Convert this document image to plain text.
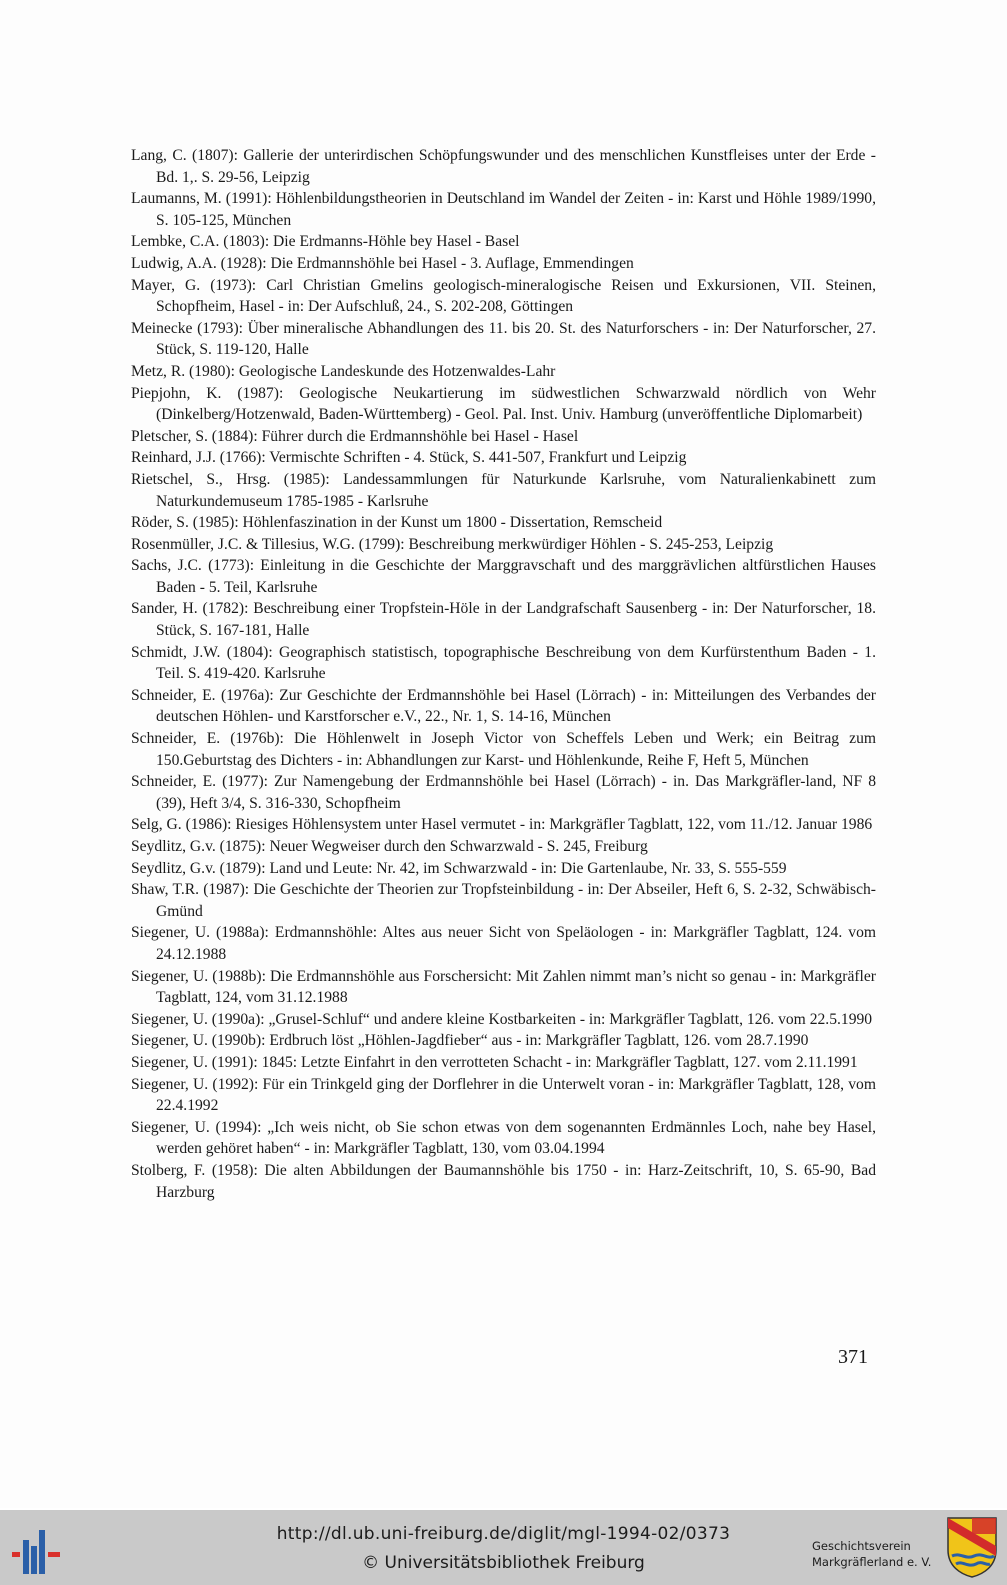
Lang, C. (1807): Gallerie der unterirdischen Schöpfungswunder und des menschlichen Kunstfleises unter der Erde - Bd. 1,. S. 29-56, Leipzig
Laumanns, M. (1991): Höhlenbildungstheorien in Deutschland im Wandel der Zeiten - in: Karst und Höhle 1989/1990, S. 105-125, München
Lembke, C.A. (1803): Die Erdmanns-Höhle bey Hasel - Basel
Ludwig, A.A. (1928): Die Erdmannshöhle bei Hasel - 3. Auflage, Emmendingen
Mayer, G. (1973): Carl Christian Gmelins geologisch-mineralogische Reisen und Exkursionen, VII. Steinen, Schopfheim, Hasel - in: Der Aufschluß, 24., S. 202-208, Göttingen
Meinecke (1793): Über mineralische Abhandlungen des 11. bis 20. St. des Naturforschers - in: Der Naturforscher, 27. Stück, S. 119-120, Halle
Metz, R. (1980): Geologische Landeskunde des Hotzenwaldes-Lahr
Piepjohn, K. (1987): Geologische Neukartierung im südwestlichen Schwarzwald nördlich von Wehr (Dinkelberg/Hotzenwald, Baden-Württemberg) - Geol. Pal. Inst. Univ. Hamburg (unveröffentliche Diplomarbeit)
Pletscher, S. (1884): Führer durch die Erdmannshöhle bei Hasel - Hasel
Reinhard, J.J. (1766): Vermischte Schriften - 4. Stück, S. 441-507, Frankfurt und Leipzig
Rietschel, S., Hrsg. (1985): Landessammlungen für Naturkunde Karlsruhe, vom Naturalienkabinett zum Naturkundemuseum 1785-1985 - Karlsruhe
Röder, S. (1985): Höhlenfaszination in der Kunst um 1800 - Dissertation, Remscheid
Rosenmüller, J.C. & Tillesius, W.G. (1799): Beschreibung merkwürdiger Höhlen - S. 245-253, Leipzig
Sachs, J.C. (1773): Einleitung in die Geschichte der Marggravschaft und des marggrävlichen altfürstlichen Hauses Baden - 5. Teil, Karlsruhe
Sander, H. (1782): Beschreibung einer Tropfstein-Höle in der Landgrafschaft Sausenberg - in: Der Naturforscher, 18. Stück, S. 167-181, Halle
Schmidt, J.W. (1804): Geographisch statistisch, topographische Beschreibung von dem Kurfürstenthum Baden - 1. Teil. S. 419-420. Karlsruhe
Schneider, E. (1976a): Zur Geschichte der Erdmannshöhle bei Hasel (Lörrach) - in: Mitteilungen des Verbandes der deutschen Höhlen- und Karstforscher e.V., 22., Nr. 1, S. 14-16, München
Schneider, E. (1976b): Die Höhlenwelt in Joseph Victor von Scheffels Leben und Werk; ein Beitrag zum 150.Geburtstag des Dichters - in: Abhandlungen zur Karst- und Höhlenkunde, Reihe F, Heft 5, München
Schneider, E. (1977): Zur Namengebung der Erdmannshöhle bei Hasel (Lörrach) - in. Das Markgräfler-land, NF 8 (39), Heft 3/4, S. 316-330, Schopfheim
Selg, G. (1986): Riesiges Höhlensystem unter Hasel vermutet - in: Markgräfler Tagblatt, 122, vom 11./12. Januar 1986
Seydlitz, G.v. (1875): Neuer Wegweiser durch den Schwarzwald - S. 245, Freiburg
Seydlitz, G.v. (1879): Land und Leute: Nr. 42, im Schwarzwald - in: Die Gartenlaube, Nr. 33, S. 555-559
Shaw, T.R. (1987): Die Geschichte der Theorien zur Tropfsteinbildung - in: Der Abseiler, Heft 6, S. 2-32, Schwäbisch-Gmünd
Siegener, U. (1988a): Erdmannshöhle: Altes aus neuer Sicht von Speläologen - in: Markgräfler Tagblatt, 124. vom 24.12.1988
Siegener, U. (1988b): Die Erdmannshöhle aus Forschersicht: Mit Zahlen nimmt man’s nicht so genau - in: Markgräfler Tagblatt, 124, vom 31.12.1988
Siegener, U. (1990a): „Grusel-Schluf“ und andere kleine Kostbarkeiten - in: Markgräfler Tagblatt, 126. vom 22.5.1990
Siegener, U. (1990b): Erdbruch löst „Höhlen-Jagdfieber“ aus - in: Markgräfler Tagblatt, 126. vom 28.7.1990
Siegener, U. (1991): 1845: Letzte Einfahrt in den verrotteten Schacht - in: Markgräfler Tagblatt, 127. vom 2.11.1991
Siegener, U. (1992): Für ein Trinkgeld ging der Dorflehrer in die Unterwelt voran - in: Markgräfler Tagblatt, 128, vom 22.4.1992
Siegener, U. (1994): „Ich weis nicht, ob Sie schon etwas von dem sogenannten Erdmännles Loch, nahe bey Hasel, werden gehöret haben“ - in: Markgräfler Tagblatt, 130, vom 03.04.1994
Stolberg, F. (1958): Die alten Abbildungen der Baumannshöhle bis 1750 - in: Harz-Zeitschrift, 10, S. 65-90, Bad Harzburg
371
http://dl.ub.uni-freiburg.de/diglit/mgl-1994-02/0373
© Universitätsbibliothek Freiburg
Geschichtsverein
Markgräflerland e. V.
